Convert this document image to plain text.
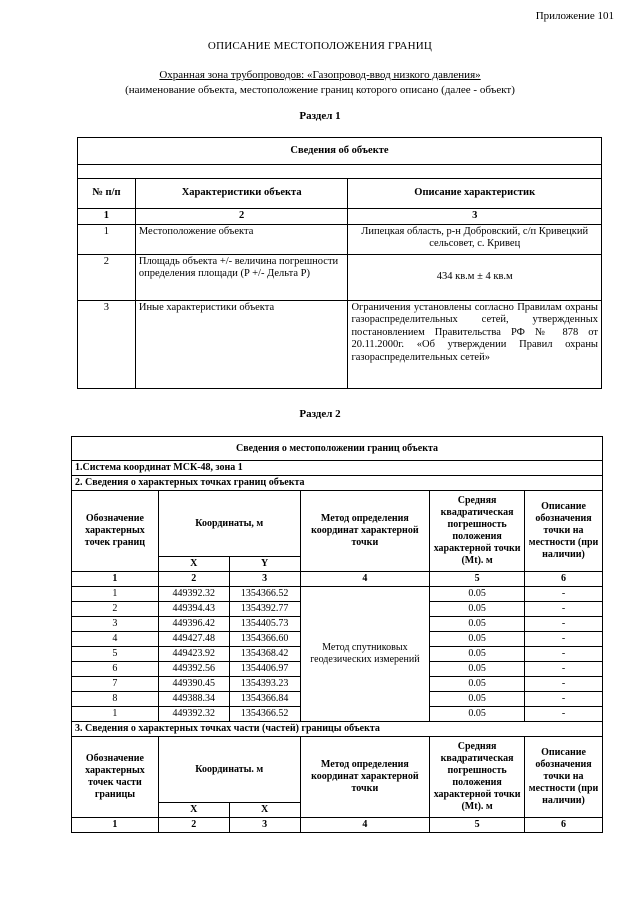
Приложение 101
ОПИСАНИЕ МЕСТОПОЛОЖЕНИЯ ГРАНИЦ
Охранная зона трубопроводов: «Газопровод-ввод низкого давления»
(наименование объекта, местоположение границ которого описано (далее - объект)
Раздел 1
Сведения об объекте		

№ п/п	Характеристики объекта	Описание характеристик
1	2	3
1	Местоположение объекта	Липецкая область, р-н Добровский, с/п Кривецкий сельсовет, с. Кривец
2	Площадь объекта +/- величина погрешности определения площади (P +/- Дельта P)	434 кв.м ± 4 кв.м
3	Иные характеристики объекта	Ограничения установлены согласно Правилам охраны газораспределительных сетей, утвержденных постановлением Правительства РФ № 878 от 20.11.2000г. «Об утверждении Правил охраны газораспределительных сетей»
Раздел 2
Сведения о местоположении границ объекта					
1.Система координат МСК-48, зона 1					
2. Сведения о характерных точках границ объекта					
Обозначение характерных точек границ	Координаты, м		Метод определения координат характерной точки	Средняя квадратическая погрешность положения характерной точки (Mt). м	Описание обозначения точки на местности (при наличии)
	X	Y			
1	2	3	4	5	6
1	449392.32	1354366.52	Метод спутниковых геодезических измерений	0.05	-
2	449394.43	1354392.77		0.05	-
3	449396.42	1354405.73		0.05	-
4	449427.48	1354366.60		0.05	-
5	449423.92	1354368.42		0.05	-
6	449392.56	1354406.97		0.05	-
7	449390.45	1354393.23		0.05	-
8	449388.34	1354366.84		0.05	-
1	449392.32	1354366.52		0.05	-
3. Сведения о характерных точках части (частей) границы объекта					
Обозначение характерных точек части границы	Координаты. м		Метод определения координат характерной точки	Средняя квадратическая погрешность положения характерной точки (Mt). м	Описание обозначения точки на местности (при наличии)
	X	X			
1	2	3	4	5	6
